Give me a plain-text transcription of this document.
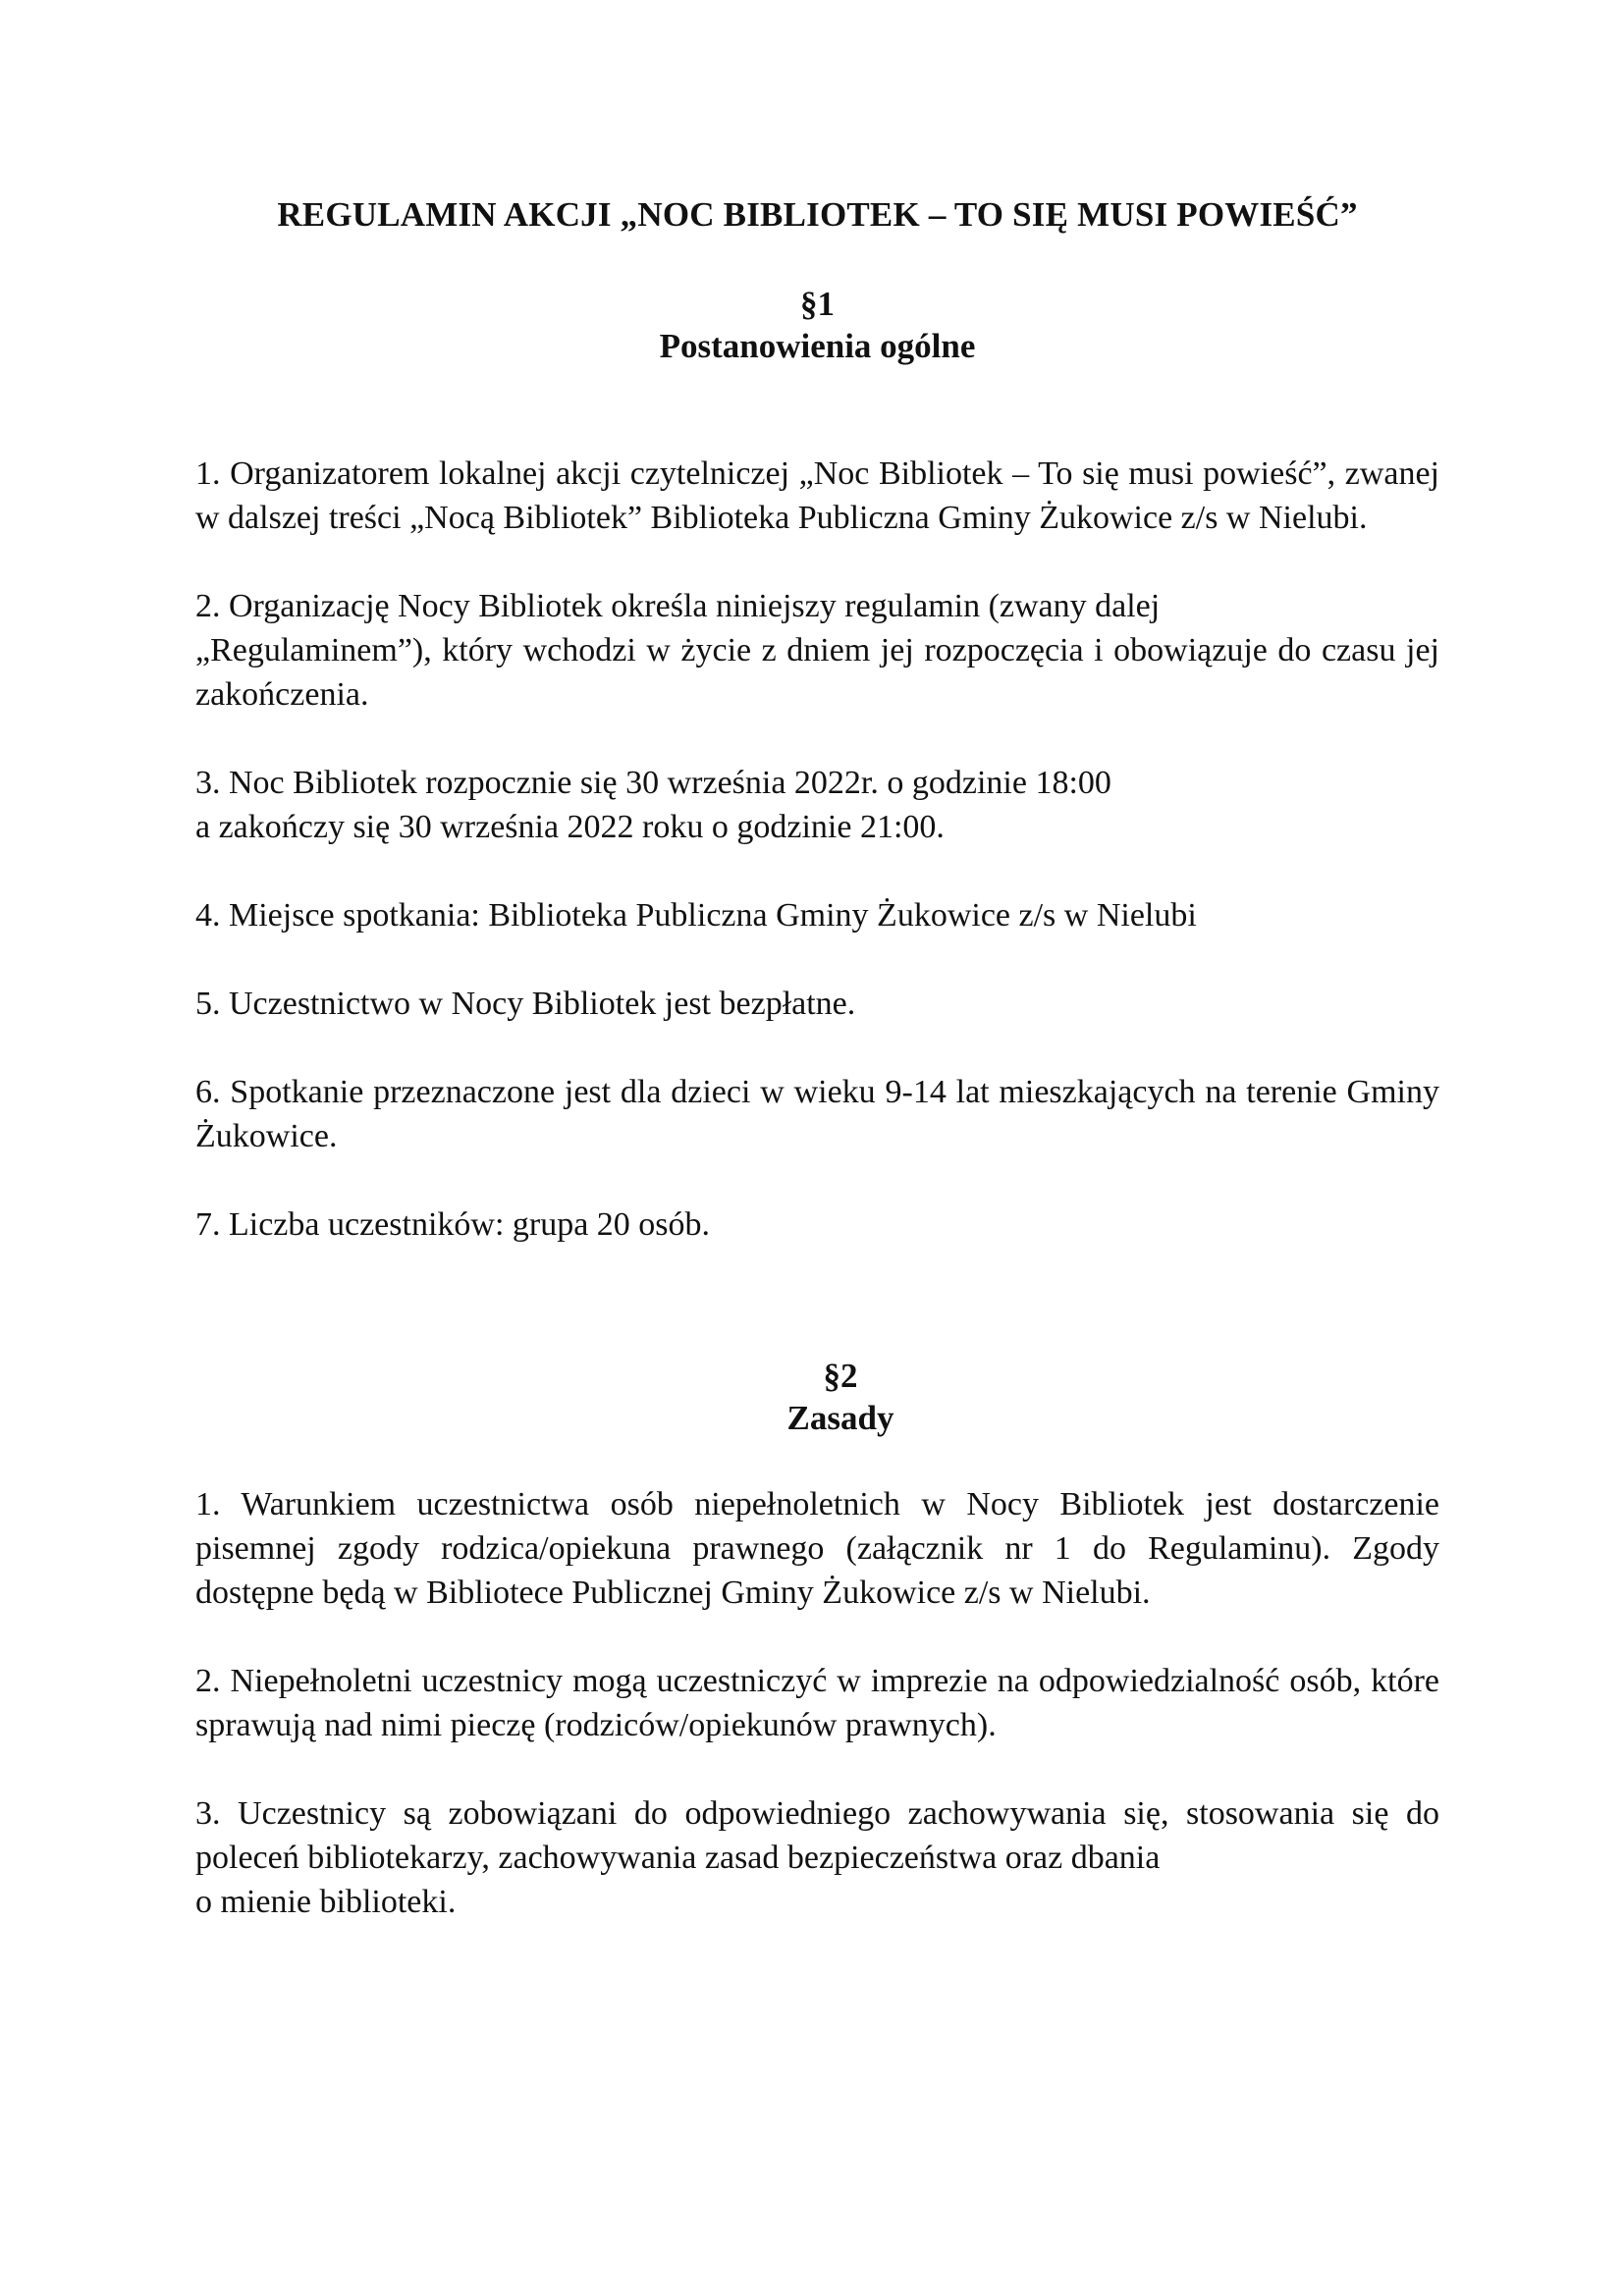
REGULAMIN AKCJI „NOC BIBLIOTEK – TO SIĘ MUSI POWIEŚĆ”
§1
Postanowienia ogólne

1. Organizatorem lokalnej akcji czytelniczej „Noc Bibliotek – To się musi powieść”, zwanej w dalszej treści „Nocą Bibliotek” Biblioteka Publiczna Gminy Żukowice z/s w Nielubi.

2. Organizację Nocy Bibliotek określa niniejszy regulamin (zwany dalej
„Regulaminem”), który wchodzi w życie z dniem jej rozpoczęcia i obowiązuje do czasu jej zakończenia.

3. Noc Bibliotek rozpocznie się 30 września 2022r. o godzinie 18:00
a zakończy się 30 września 2022 roku o godzinie 21:00.

4. Miejsce spotkania: Biblioteka Publiczna Gminy Żukowice z/s w Nielubi

5. Uczestnictwo w Nocy Bibliotek jest bezpłatne.

6. Spotkanie przeznaczone jest dla dzieci w wieku 9-14 lat mieszkających na terenie Gminy Żukowice.

7. Liczba uczestników: grupa 20 osób.

§2
Zasady

1. Warunkiem uczestnictwa osób niepełnoletnich w Nocy Bibliotek jest dostarczenie pisemnej zgody rodzica/opiekuna prawnego (załącznik nr 1 do Regulaminu). Zgody dostępne będą w Bibliotece Publicznej Gminy Żukowice z/s w Nielubi.

2. Niepełnoletni uczestnicy mogą uczestniczyć w imprezie na odpowiedzialność osób, które sprawują nad nimi pieczę (rodziców/opiekunów prawnych).

3. Uczestnicy są zobowiązani do odpowiedniego zachowywania się, stosowania się do poleceń bibliotekarzy, zachowywania zasad bezpieczeństwa oraz dbania
o mienie biblioteki.
